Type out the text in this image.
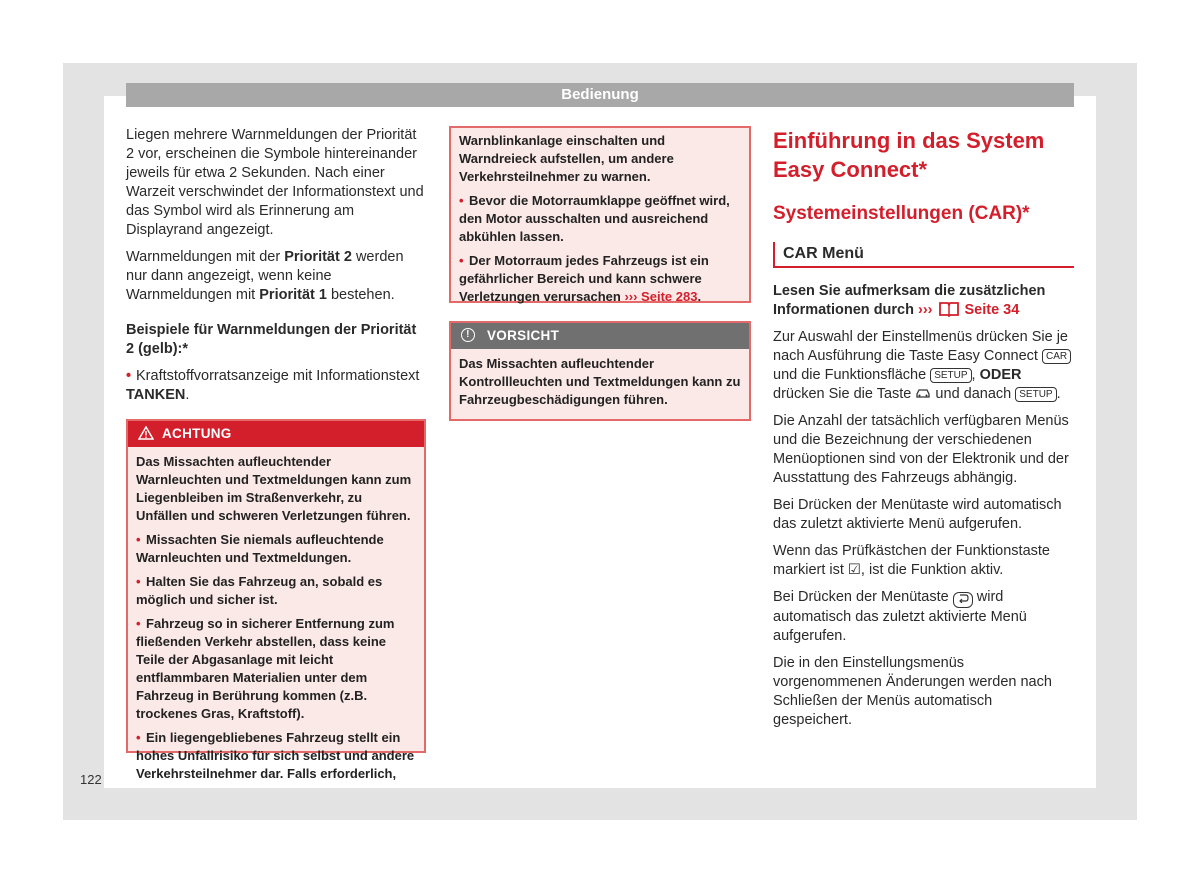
Bedienung

Liegen mehrere Warnmeldungen der Priorität 2 vor, erscheinen die Symbole hintereinander jeweils für etwa 2 Sekunden. Nach einer Warzeit verschwindet der Informationstext und das Symbol wird als Erinnerung am Displayrand angezeigt.

Warnmeldungen mit der Priorität 2 werden nur dann angezeigt, wenn keine Warnmeldungen mit Priorität 1 bestehen.

Beispiele für Warnmeldungen der Priorität 2 (gelb):*

• Kraftstoffvorratsanzeige mit Informationstext TANKEN.

ACHTUNG

Das Missachten aufleuchtender Warnleuchten und Textmeldungen kann zum Liegenbleiben im Straßenverkehr, zu Unfällen und schweren Verletzungen führen.

• Missachten Sie niemals aufleuchtende Warnleuchten und Textmeldungen.

• Halten Sie das Fahrzeug an, sobald es möglich und sicher ist.

• Fahrzeug so in sicherer Entfernung zum fließenden Verkehr abstellen, dass keine Teile der Abgasanlage mit leicht entflammbaren Materialien unter dem Fahrzeug in Berührung kommen (z.B. trockenes Gras, Kraftstoff).

• Ein liegengebliebenes Fahrzeug stellt ein hohes Unfallrisiko für sich selbst und andere Verkehrsteilnehmer dar. Falls erforderlich,

Warnblinkanlage einschalten und Warndreieck aufstellen, um andere Verkehrsteilnehmer zu warnen.

• Bevor die Motorraumklappe geöffnet wird, den Motor ausschalten und ausreichend abkühlen lassen.

• Der Motorraum jedes Fahrzeugs ist ein gefährlicher Bereich und kann schwere Verletzungen verursachen ››› Seite 283.

! VORSICHT

Das Missachten aufleuchtender Kontrollleuchten und Textmeldungen kann zu Fahrzeugbeschädigungen führen.

Einführung in das System Easy Connect*
Systemeinstellungen (CAR)*
CAR Menü

Lesen Sie aufmerksam die zusätzlichen Informationen durch ››› Seite 34

Zur Auswahl der Einstellmenüs drücken Sie je nach Ausführung die Taste Easy Connect CAR und die Funktionsfläche SETUP , ODER drücken Sie die Taste  und danach SETUP .

Die Anzahl der tatsächlich verfügbaren Menüs und die Bezeichnung der verschiedenen Menüoptionen sind von der Elektronik und der Ausstattung des Fahrzeugs abhängig.

Bei Drücken der Menütaste wird automatisch das zuletzt aktivierte Menü aufgerufen.

Wenn das Prüfkästchen der Funktionstaste markiert ist ☑, ist die Funktion aktiv.

Bei Drücken der Menütaste  wird automatisch das zuletzt aktivierte Menü aufgerufen.

Die in den Einstellungsmenüs vorgenommenen Änderungen werden nach Schließen der Menüs automatisch gespeichert.

122
